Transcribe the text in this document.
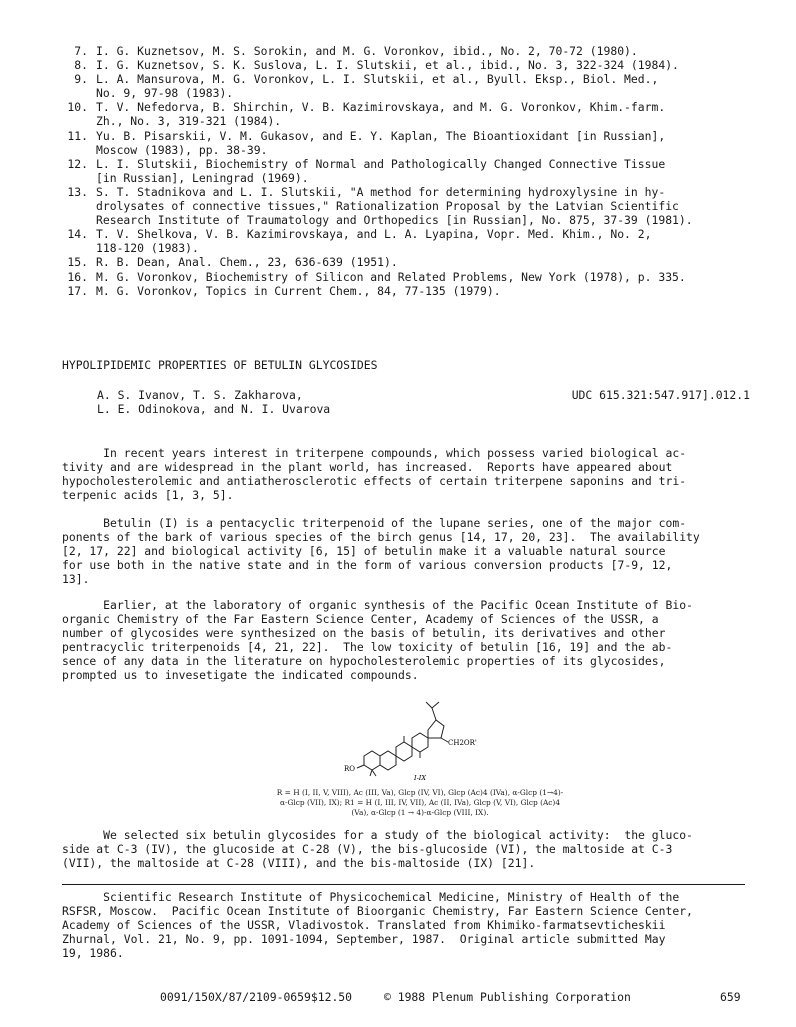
7. I. G. Kuznetsov, M. S. Sorokin, and M. G. Voronkov, ibid., No. 2, 70-72 (1980).
8. I. G. Kuznetsov, S. K. Suslova, L. I. Slutskii, et al., ibid., No. 3, 322-324 (1984).
9. L. A. Mansurova, M. G. Voronkov, L. I. Slutskii, et al., Byull. Eksp., Biol. Med.,
No. 9, 97-98 (1983).
10. T. V. Nefedorva, B. Shirchin, V. B. Kazimirovskaya, and M. G. Voronkov, Khim.-farm.
Zh., No. 3, 319-321 (1984).
11. Yu. B. Pisarskii, V. M. Gukasov, and E. Y. Kaplan, The Bioantioxidant [in Russian],
Moscow (1983), pp. 38-39.
12. L. I. Slutskii, Biochemistry of Normal and Pathologically Changed Connective Tissue
[in Russian], Leningrad (1969).
13. S. T. Stadnikova and L. I. Slutskii, "A method for determining hydroxylysine in hy-
drolysates of connective tissues," Rationalization Proposal by the Latvian Scientific
Research Institute of Traumatology and Orthopedics [in Russian], No. 875, 37-39 (1981).
14. T. V. Shelkova, V. B. Kazimirovskaya, and L. A. Lyapina, Vopr. Med. Khim., No. 2,
118-120 (1983).
15. R. B. Dean, Anal. Chem., 23, 636-639 (1951).
16. M. G. Voronkov, Biochemistry of Silicon and Related Problems, New York (1978), p. 335.
17. M. G. Voronkov, Topics in Current Chem., 84, 77-135 (1979).
HYPOLIPIDEMIC PROPERTIES OF BETULIN GLYCOSIDES
A. S. Ivanov, T. S. Zakharova,
L. E. Odinokova, and N. I. Uvarova
UDC 615.321:547.917].012.1
In recent years interest in triterpene compounds, which possess varied biological ac-
tivity and are widespread in the plant world, has increased.  Reports have appeared about
hypocholesterolemic and antiatherosclerotic effects of certain triterpene saponins and tri-
terpenic acids [1, 3, 5].
Betulin (I) is a pentacyclic triterpenoid of the lupane series, one of the major com-
ponents of the bark of various species of the birch genus [14, 17, 20, 23].  The availability
[2, 17, 22] and biological activity [6, 15] of betulin make it a valuable natural source
for use both in the native state and in the form of various conversion products [7-9, 12,
13].
Earlier, at the laboratory of organic synthesis of the Pacific Ocean Institute of Bio-
organic Chemistry of the Far Eastern Science Center, Academy of Sciences of the USSR, a
number of glycosides were synthesized on the basis of betulin, its derivatives and other
pentracyclic triterpenoids [4, 21, 22].  The low toxicity of betulin [16, 19] and the ab-
sence of any data in the literature on hypocholesterolemic properties of its glycosides,
prompted us to invesetigate the indicated compounds.
CH2OR'
RO
I-IX
R = H (I, II, V, VIII), Ac (III, Va), Glcp (IV, VI), Glcp (Ac)4 (IVa), α-Glcp (1→4)-
α-Glcp (VII), IX); R1 = H (I, III, IV, VII), Ac (II, IVa), Glcp (V, VI), Glcp (Ac)4
(Va), α-Glcp (1 → 4)-α-Glcp (VIII, IX).
We selected six betulin glycosides for a study of the biological activity:  the gluco-
side at C-3 (IV), the glucoside at C-28 (V), the bis-glucoside (VI), the maltoside at C-3
(VII), the maltoside at C-28 (VIII), and the bis-maltoside (IX) [21].
Scientific Research Institute of Physicochemical Medicine, Ministry of Health of the
RSFSR, Moscow.  Pacific Ocean Institute of Bioorganic Chemistry, Far Eastern Science Center,
Academy of Sciences of the USSR, Vladivostok. Translated from Khimiko-farmatsevticheskii
Zhurnal, Vol. 21, No. 9, pp. 1091-1094, September, 1987.  Original article submitted May
19, 1986.
0091/150X/87/2109-0659$12.50	© 1988 Plenum Publishing Corporation	659
